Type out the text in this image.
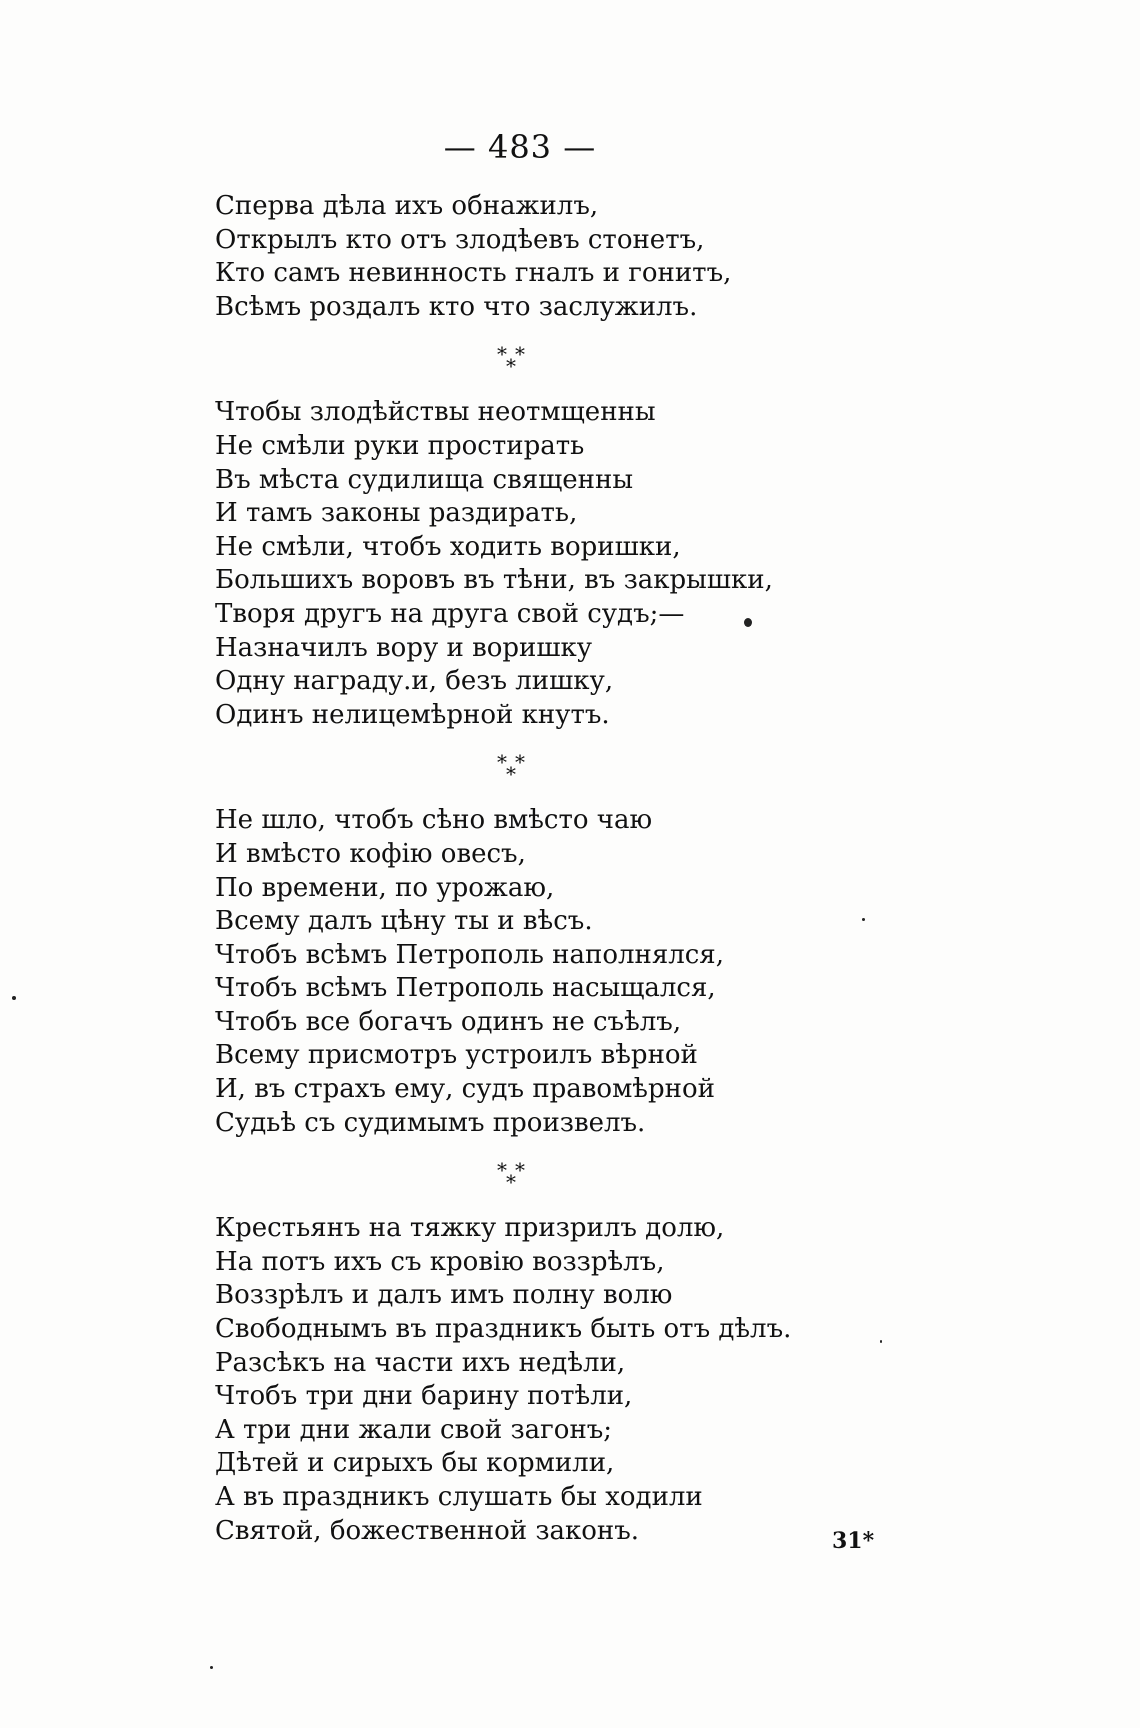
— 483 —
Сперва дѣла ихъ обнажилъ,
Открылъ кто отъ злодѣевъ стонетъ,
Кто самъ невинность гналъ и гонитъ,
Всѣмъ роздалъ кто что заслужилъ.
* *
*
Чтобы злодѣйствы неотмщенны
Не смѣли руки простирать
Въ мѣста судилища священны
И тамъ законы раздирать,
Не смѣли, чтобъ ходить воришки,
Большихъ воровъ въ тѣни, въ закрышки,
Творя другъ на друга свой судъ;—
Назначилъ вору и воришку
Одну награду.и, безъ лишку,
Одинъ нелицемѣрной кнутъ.
* *
*
Не шло, чтобъ сѣно вмѣсто чаю
И вмѣсто кофію овесъ,
По времени, по урожаю,
Всему далъ цѣну ты и вѣсъ.
Чтобъ всѣмъ Петрополь наполнялся,
Чтобъ всѣмъ Петрополь насыщался,
Чтобъ все богачъ одинъ не съѣлъ,
Всему присмотръ устроилъ вѣрной
И, въ страхъ ему, судъ правомѣрной
Судьѣ съ судимымъ произвелъ.
* *
*
Крестьянъ на тяжку призрилъ долю,
На потъ ихъ съ кровію воззрѣлъ,
Воззрѣлъ и далъ имъ полну волю
Свободнымъ въ праздникъ быть отъ дѣлъ.
Разсѣкъ на части ихъ недѣли,
Чтобъ три дни барину потѣли,
А три дни жали свой загонъ;
Дѣтей и сирыхъ бы кормили,
А въ праздникъ слушать бы ходили
Святой, божественной законъ.	31*
